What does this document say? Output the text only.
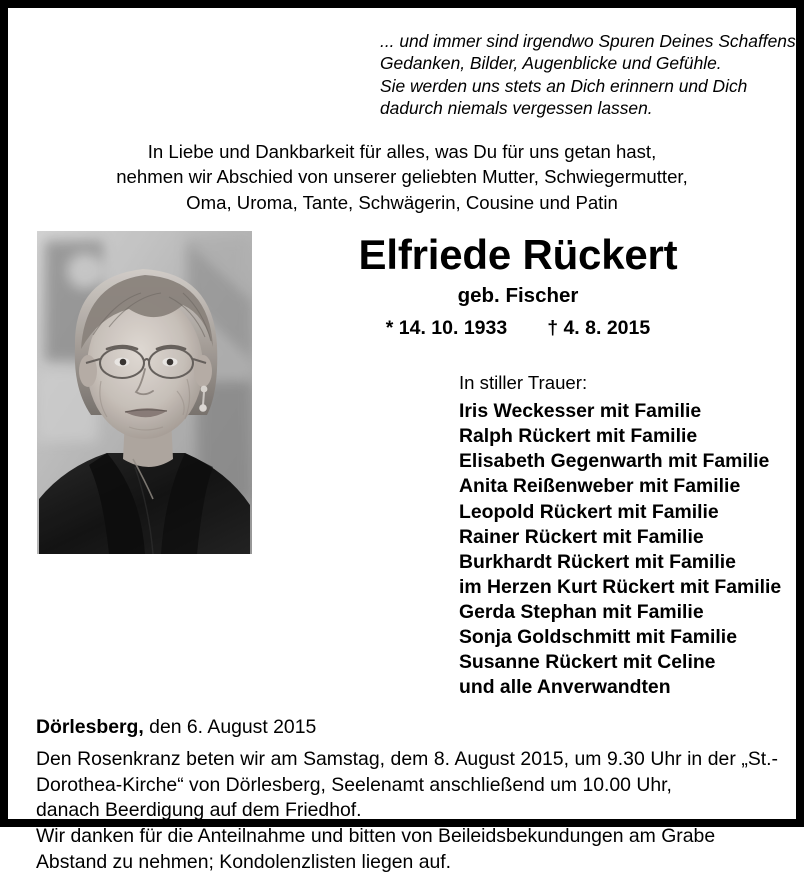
... und immer sind irgendwo Spuren Deines Schaffens,
Gedanken, Bilder, Augenblicke und Gefühle.
Sie werden uns stets an Dich erinnern und Dich
dadurch niemals vergessen lassen.
In Liebe und Dankbarkeit für alles, was Du für uns getan hast,
nehmen wir Abschied von unserer geliebten Mutter, Schwiegermutter,
Oma, Uroma, Tante, Schwägerin, Cousine und Patin
Elfriede Rückert
geb. Fischer
* 14. 10. 1933 † 4. 8. 2015
In stiller Trauer:
Iris Weckesser mit Familie
Ralph Rückert mit Familie
Elisabeth Gegenwarth mit Familie
Anita Reißenweber mit Familie
Leopold Rückert mit Familie
Rainer Rückert mit Familie
Burkhardt Rückert mit Familie
im Herzen Kurt Rückert mit Familie
Gerda Stephan mit Familie
Sonja Goldschmitt mit Familie
Susanne Rückert mit Celine
und alle Anverwandten
Dörlesberg, den 6. August 2015

Den Rosenkranz beten wir am Samstag, dem 8. August 2015, um 9.30 Uhr in der „St.-Dorothea-Kirche“ von Dörlesberg, Seelenamt anschließend um 10.00 Uhr,
danach Beerdigung auf dem Friedhof.

Wir danken für die Anteilnahme und bitten von Beileidsbekundungen am Grabe
Abstand zu nehmen; Kondolenzlisten liegen auf.
